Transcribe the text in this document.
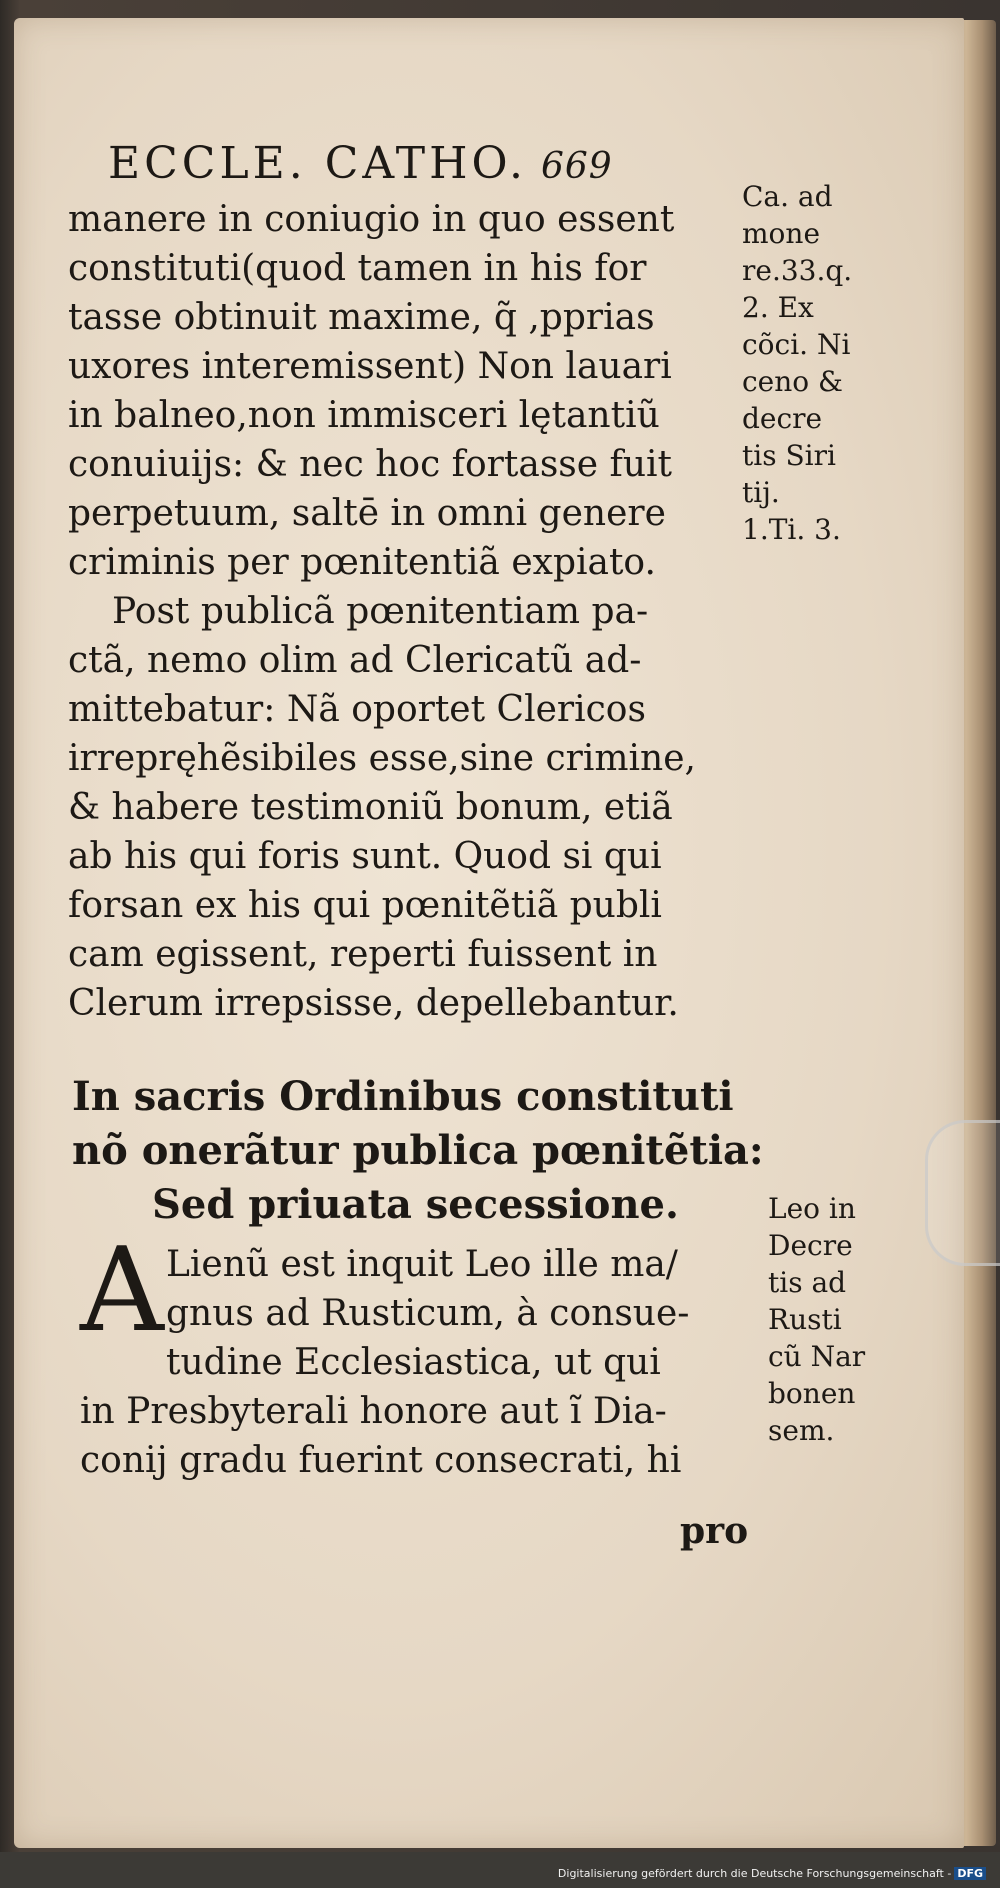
ECCLE. CATHO. 669
manere in coniugio in quo essent
constituti(quod tamen in his for
tasse obtinuit maxime, q̃ ,pprias
uxores interemissent) Non lauari
in balneo,non immisceri lętantiũ
conuiuijs: & nec hoc fortasse fuit
perpetuum, saltē in omni genere
criminis per pœnitentiã expiato.
Post publicã pœnitentiam pa-
ctã, nemo olim ad Clericatũ ad-
mittebatur: Nã oportet Clericos
irrepręhẽsibiles esse,sine crimine,
& habere testimoniũ bonum, etiã
ab his qui foris sunt. Quod si qui
forsan ex his qui pœnitẽtiã publi
cam egissent, reperti fuissent in
Clerum irrepsisse, depellebantur.
Ca. ad
mone
re.33.q.
2. Ex
cõci. Ni
ceno &
decre
tis Siri
tij.
1.Ti. 3.
In sacris Ordinibus constituti
nõ onerãtur publica pœnitẽtia:
Sed priuata secessione.
A Lienũ est inquit Leo ille ma/
gnus ad Rusticum, à consue-
tudine Ecclesiastica, ut qui
in Presbyterali honore aut ĩ Dia-
conij gradu fuerint consecrati, hi
Leo in
Decre
tis ad
Rusti
cũ Nar
bonen
sem.
pro
Digitalisierung gefördert durch die Deutsche Forschungsgemeinschaft - DFG
